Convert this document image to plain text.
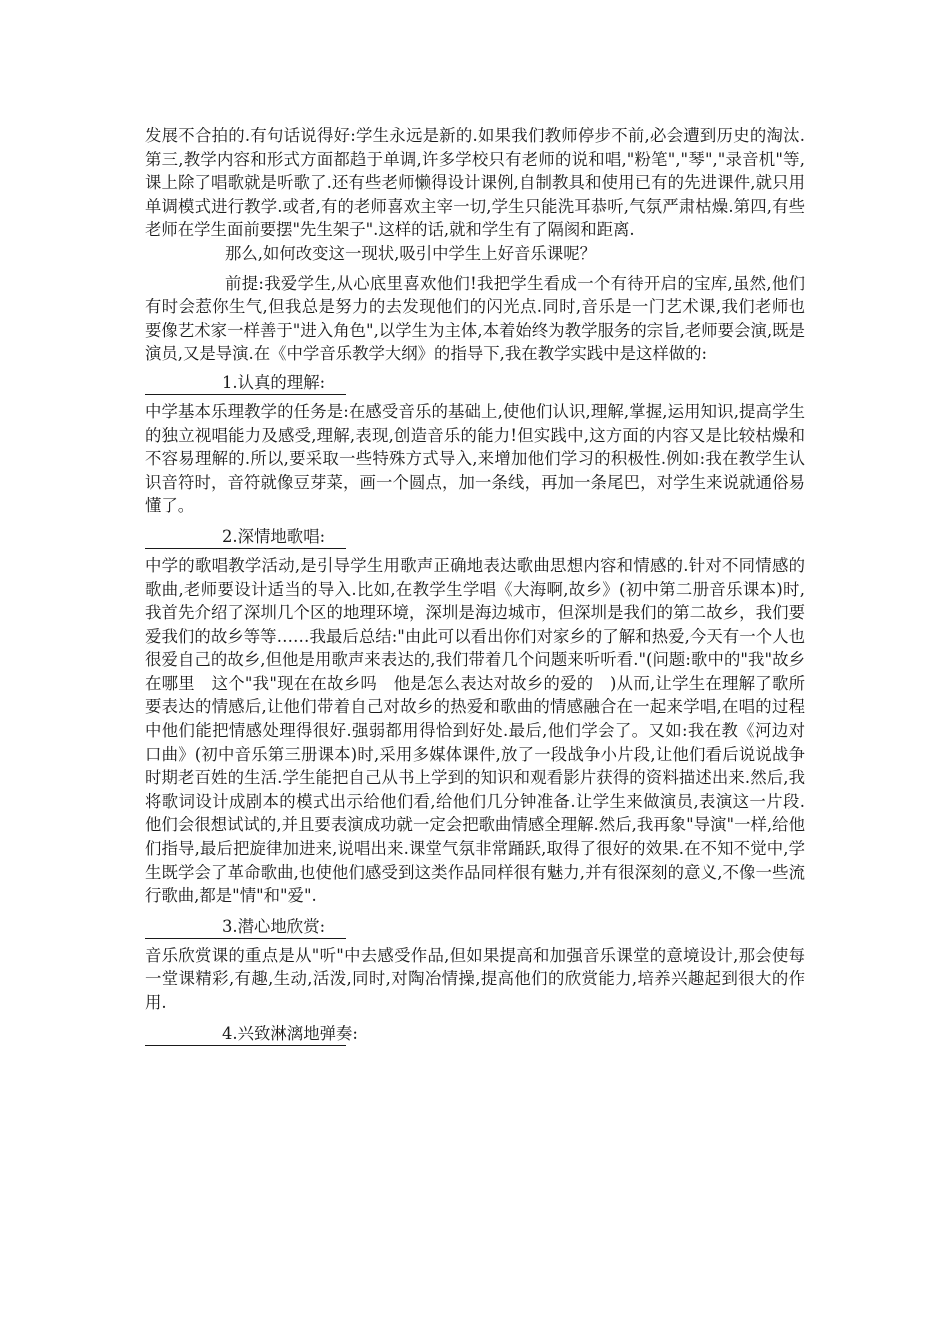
发展不合拍的.有句话说得好:学生永远是新的.如果我们教师停步不前,必会遭到历史的淘汰.第三,教学内容和形式方面都趋于单调,许多学校只有老师的说和唱,"粉笔","琴","录音机"等,课上除了唱歌就是听歌了.还有些老师懒得设计课例,自制教具和使用已有的先进课件,就只用单调模式进行教学.或者,有的老师喜欢主宰一切,学生只能洗耳恭听,气氛严肃枯燥.第四,有些老师在学生面前要摆"先生架子".这样的话,就和学生有了隔阂和距离.

那么,如何改变这一现状,吸引中学生上好音乐课呢？

前提:我爱学生,从心底里喜欢他们!我把学生看成一个有待开启的宝库,虽然,他们有时会惹你生气,但我总是努力的去发现他们的闪光点.同时,音乐是一门艺术课,我们老师也要像艺术家一样善于"进入角色",以学生为主体,本着始终为教学服务的宗旨,老师要会演,既是演员,又是导演.在《中学音乐教学大纲》的指导下,我在教学实践中是这样做的:

1.认真的理解:

中学基本乐理教学的任务是:在感受音乐的基础上,使他们认识,理解,掌握,运用知识,提高学生的独立视唱能力及感受,理解,表现,创造音乐的能力!但实践中,这方面的内容又是比较枯燥和不容易理解的.所以,要采取一些特殊方式导入,来增加他们学习的积极性.例如:我在教学生认识音符时，音符就像豆芽菜，画一个圆点，加一条线，再加一条尾巴，对学生来说就通俗易懂了。

2.深情地歌唱:

中学的歌唱教学活动,是引导学生用歌声正确地表达歌曲思想内容和情感的.针对不同情感的歌曲,老师要设计适当的导入.比如,在教学生学唱《大海啊,故乡》(初中第二册音乐课本)时,我首先介绍了深圳几个区的地理环境，深圳是海边城市，但深圳是我们的第二故乡，我们要爱我们的故乡等等……我最后总结:"由此可以看出你们对家乡的了解和热爱,今天有一个人也很爱自己的故乡,但他是用歌声来表达的,我们带着几个问题来听听看."(问题:歌中的"我"故乡在哪里　这个"我"现在在故乡吗　他是怎么表达对故乡的爱的　)从而,让学生在理解了歌所要表达的情感后,让他们带着自己对故乡的热爱和歌曲的情感融合在一起来学唱,在唱的过程中他们能把情感处理得很好.强弱都用得恰到好处.最后,他们学会了。又如:我在教《河边对口曲》(初中音乐第三册课本)时,采用多媒体课件,放了一段战争小片段,让他们看后说说战争时期老百姓的生活.学生能把自己从书上学到的知识和观看影片获得的资料描述出来.然后,我将歌词设计成剧本的模式出示给他们看,给他们几分钟准备.让学生来做演员,表演这一片段.他们会很想试试的,并且要表演成功就一定会把歌曲情感全理解.然后,我再象"导演"一样,给他们指导,最后把旋律加进来,说唱出来.课堂气氛非常踊跃,取得了很好的效果.在不知不觉中,学生既学会了革命歌曲,也使他们感受到这类作品同样很有魅力,并有很深刻的意义,不像一些流行歌曲,都是"情"和"爱".

3.潜心地欣赏:

音乐欣赏课的重点是从"听"中去感受作品,但如果提高和加强音乐课堂的意境设计,那会使每一堂课精彩,有趣,生动,活泼,同时,对陶冶情操,提高他们的欣赏能力,培养兴趣起到很大的作用.

4.兴致淋漓地弹奏:
